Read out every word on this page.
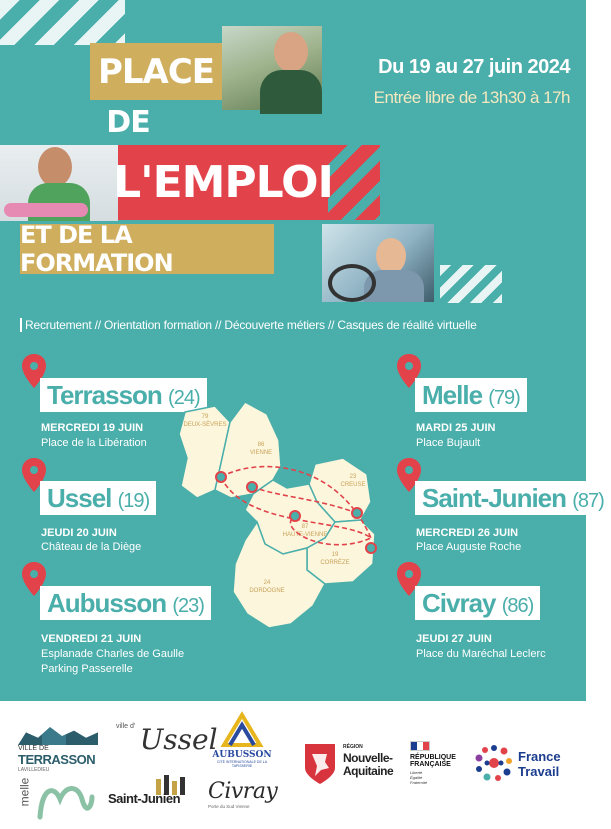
PLACE
DE
L'EMPLOI
ET DE LA FORMATION
Du 19 au 27 juin 2024
Entrée libre de 13h30 à 17h
Recrutement // Orientation formation // Découverte métiers // Casques de réalité virtuelle
Terrasson (24)
MERCREDI 19 JUIN
Place de la Libération
Ussel (19)
JEUDI 20 JUIN
Château de la Diège
Aubusson (23)
VENDREDI 21 JUIN
Esplanade Charles de Gaulle
Parking Passerelle
Melle (79)
MARDI 25 JUIN
Place Bujault
Saint-Junien (87)
MERCREDI 26 JUIN
Place Auguste Roche
Civray (86)
JEUDI 27 JUIN
Place du Maréchal Leclerc
79
DEUX-SÈVRES
86
VIENNE
23
CREUSE
87
HAUTE-VIENNE
19
CORRÈZE
24
DORDOGNE
VILLE DE
TERRASSON
LAVILLEDIEU
$^{ville d'}$ Ussel
AUBUSSON
CITÉ INTERNATIONALE DE LA TAPISSERIE
melle	Saint-Junien Civray
Porte du Sud Vienne
RÉGION
Nouvelle-
Aquitaine
RÉPUBLIQUE
FRANÇAISE
Liberté
Égalité
Fraternité
France
Travail
